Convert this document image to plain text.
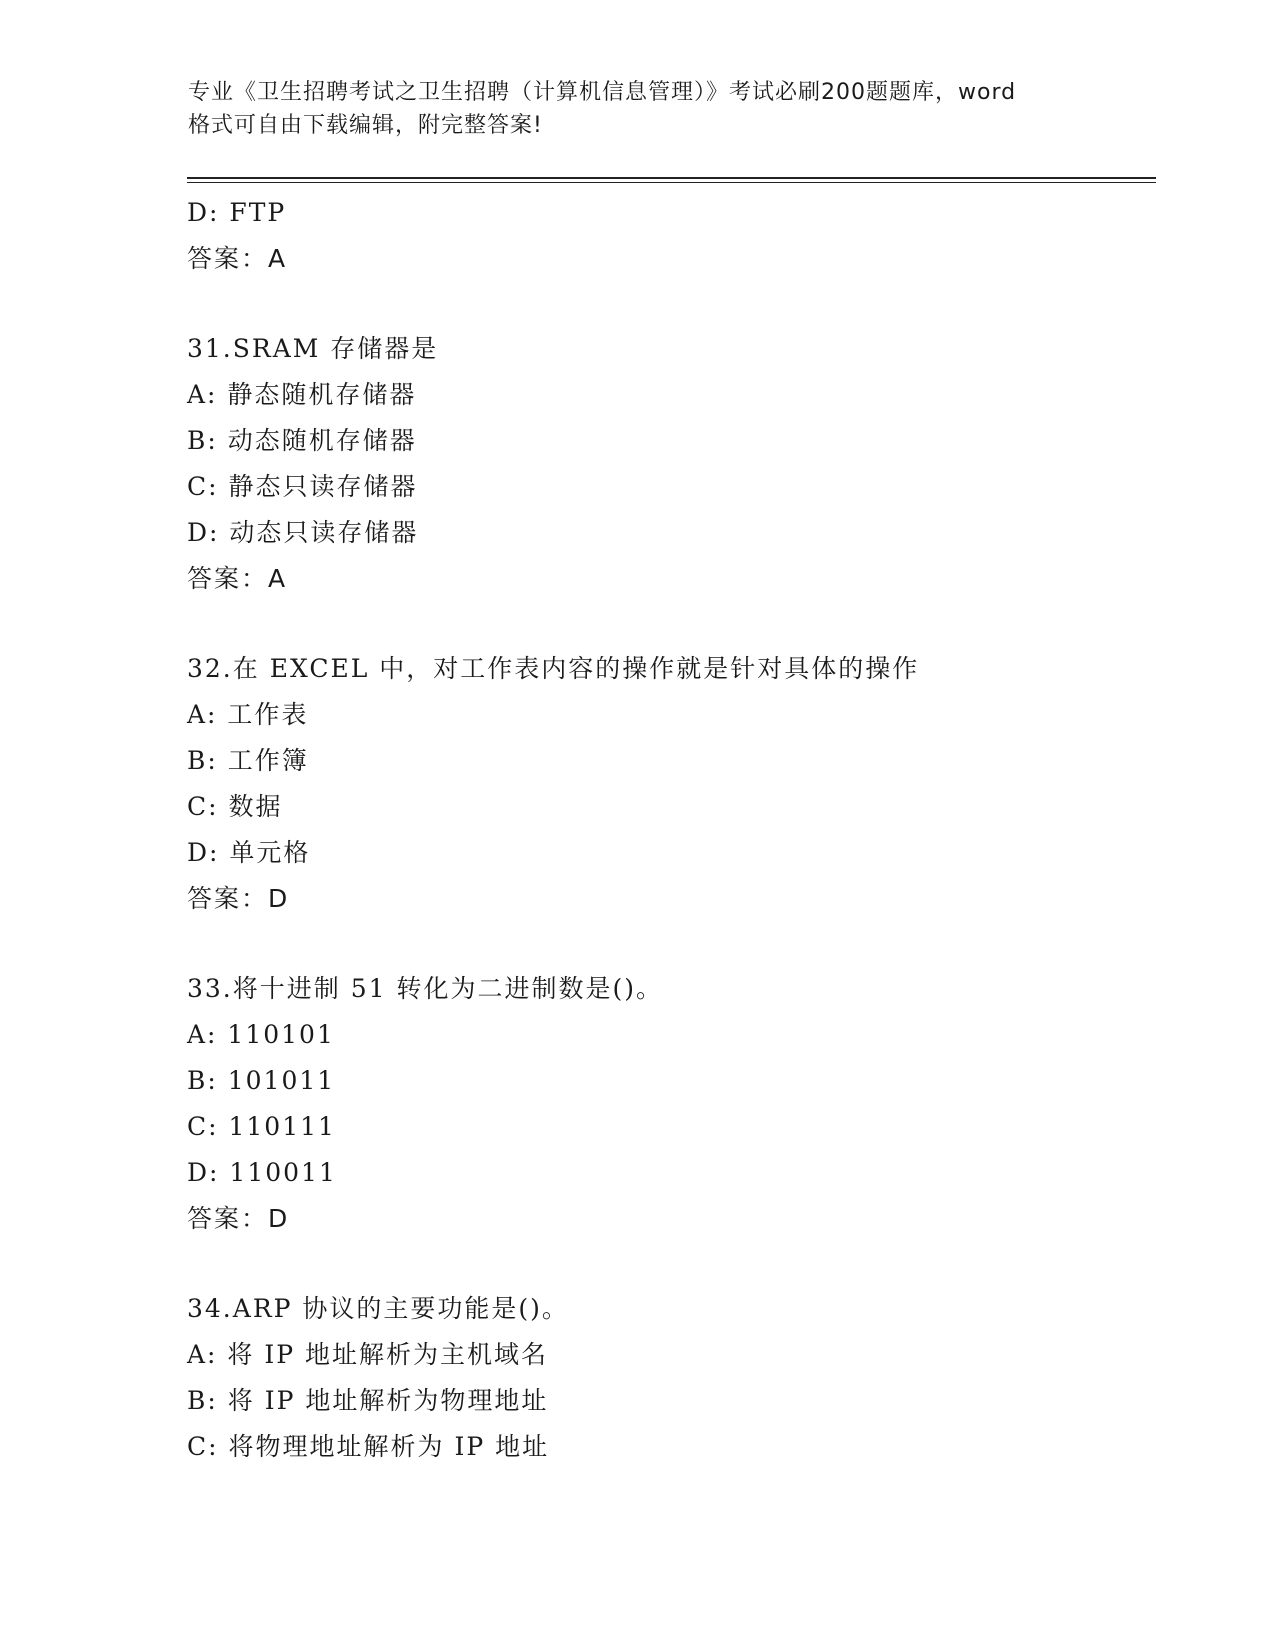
专业《卫生招聘考试之卫生招聘（计算机信息管理）》考试必刷200题题库，word
格式可自由下载编辑，附完整答案!
D: FTP
答案：A
31.SRAM 存储器是
A: 静态随机存储器
B: 动态随机存储器
C: 静态只读存储器
D: 动态只读存储器
答案：A
32.在 EXCEL 中，对工作表内容的操作就是针对具体的操作
A: 工作表
B: 工作簿
C: 数据
D: 单元格
答案：D
33.将十进制 51 转化为二进制数是()。
A: 110101
B: 101011
C: 110111
D: 110011
答案：D
34.ARP 协议的主要功能是()。
A: 将 IP 地址解析为主机域名
B: 将 IP 地址解析为物理地址
C: 将物理地址解析为 IP 地址
